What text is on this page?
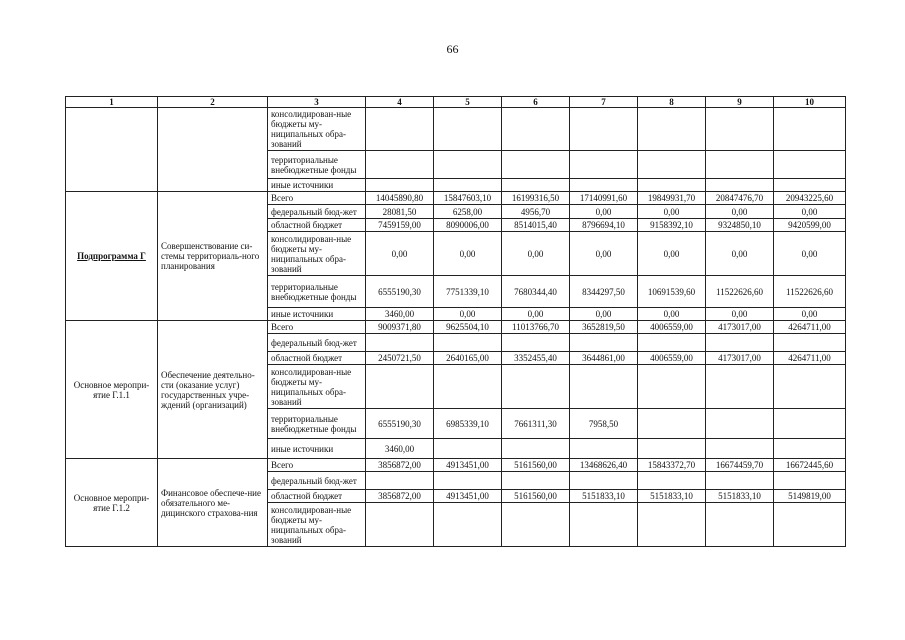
66
1	2	3	4	5	6	7	8	9	10
		консолидирован-ные бюджеты му-ниципальных обра-зований							
		территориальные внебюджетные фонды							
		иные источники							
Подпрограмма Г	Совершенствование си-стемы территориаль-ного планирования	Всего	14045890,80	15847603,10	16199316,50	17140991,60	19849931,70	20847476,70	20943225,60
		федеральный бюд-жет	28081,50	6258,00	4956,70	0,00	0,00	0,00	0,00
		областной бюджет	7459159,00	8090006,00	8514015,40	8796694,10	9158392,10	9324850,10	9420599,00
		консолидирован-ные бюджеты му-ниципальных обра-зований	0,00	0,00	0,00	0,00	0,00	0,00	0,00
		территориальные внебюджетные фонды	6555190,30	7751339,10	7680344,40	8344297,50	10691539,60	11522626,60	11522626,60
		иные источники	3460,00	0,00	0,00	0,00	0,00	0,00	0,00
Основное меропри-ятие Г.1.1	Обеспечение деятельно-сти (оказание услуг) государственных учре-ждений (организаций)	Всего	9009371,80	9625504,10	11013766,70	3652819,50	4006559,00	4173017,00	4264711,00
		федеральный бюд-жет							
		областной бюджет	2450721,50	2640165,00	3352455,40	3644861,00	4006559,00	4173017,00	4264711,00
		консолидирован-ные бюджеты му-ниципальных обра-зований							
		территориальные внебюджетные фонды	6555190,30	6985339,10	7661311,30	7958,50			
		иные источники	3460,00						
Основное меропри-ятие Г.1.2	Финансовое обеспече-ние обязательного ме-дицинского страхова-ния	Всего	3856872,00	4913451,00	5161560,00	13468626,40	15843372,70	16674459,70	16672445,60
		федеральный бюд-жет							
		областной бюджет	3856872,00	4913451,00	5161560,00	5151833,10	5151833,10	5151833,10	5149819,00
		консолидирован-ные бюджеты му-ниципальных обра-зований							
